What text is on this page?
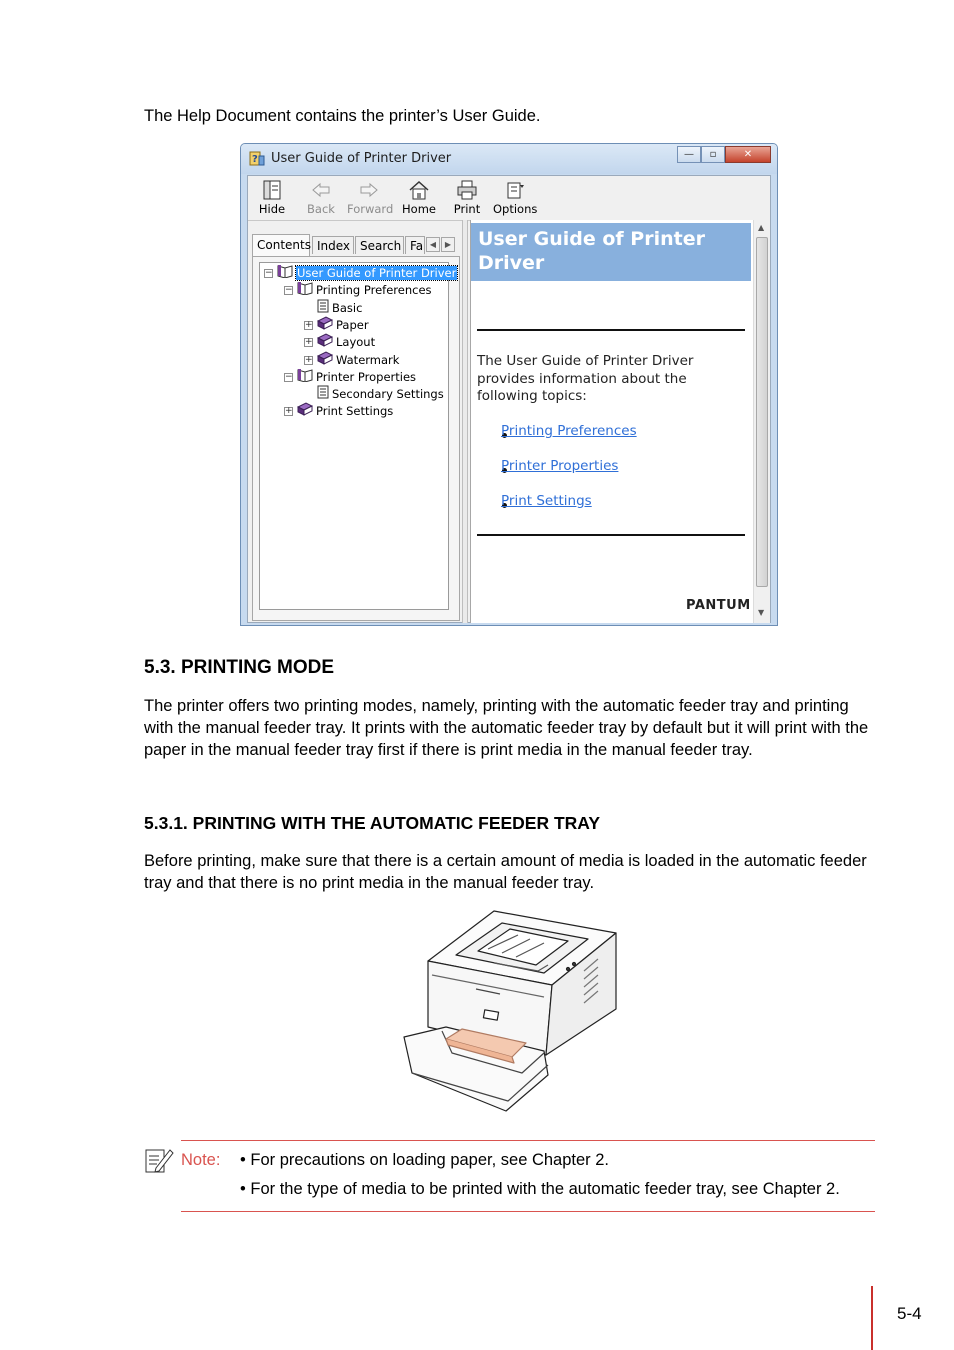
The Help Document contains the printer’s User Guide.

? User Guide of Printer Driver	—	▫	✕
Hide Back Forward Home Print Options
Contents Index Search Fa ◀	▶
− User Guide of Printer Driver
− Printing Preferences
Basic
+ Paper
+ Layout
+ Watermark
− Printer Properties
Secondary Settings
+ Print Settings
User Guide of Printer Driver
The User Guide of Printer Driver provides information about the following topics:
Printing Preferences
Printer Properties
Print Settings
PANTUM
▲
▼
5.3. PRINTING MODE

The printer offers two printing modes, namely, printing with the automatic feeder tray and printing with the manual feeder tray. It prints with the automatic feeder tray by default but it will print with the paper in the manual feeder tray first if there is print media in the manual feeder tray.

5.3.1. PRINTING WITH THE AUTOMATIC FEEDER TRAY

Before printing, make sure that there is a certain amount of media is loaded in the automatic feeder tray and that there is no print media in the manual feeder tray.

Note: • For precautions on loading paper, see Chapter 2.
• For the type of media to be printed with the automatic feeder tray, see Chapter 2.
5-4
